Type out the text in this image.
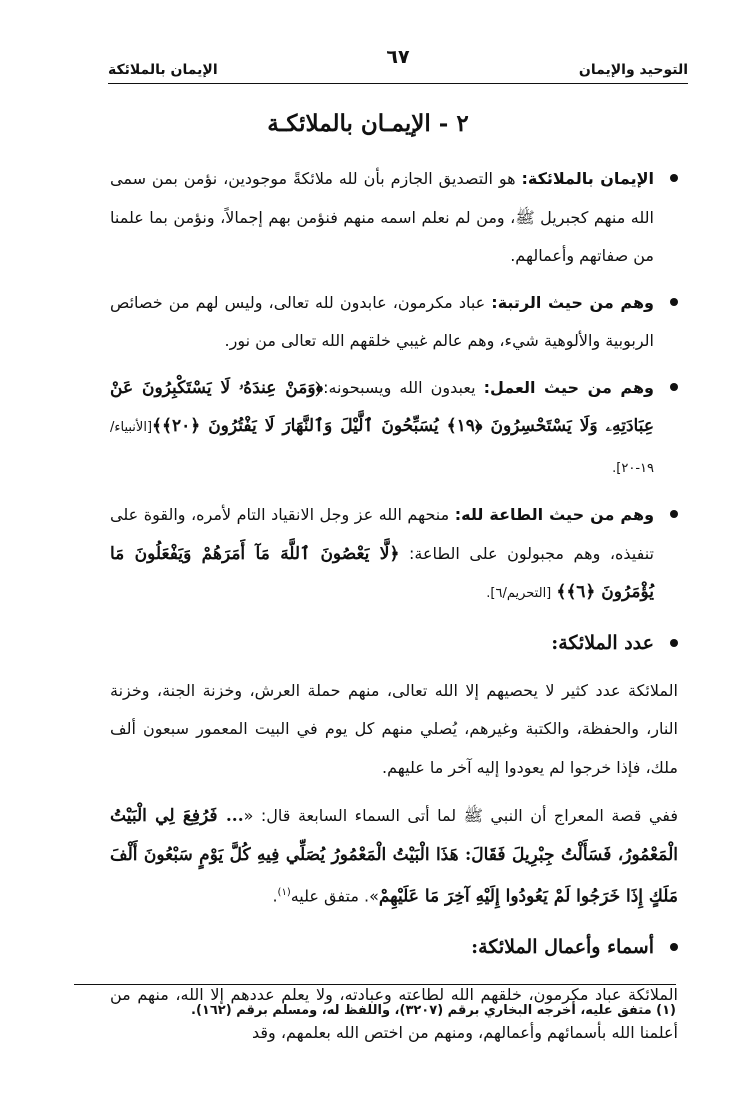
التوحيد والإيمان
٦٧
الإيمان بالملائكة
٢ - الإيمـان بالملائكـة

الإيمان بالملائكة: هو التصديق الجازم بأن لله ملائكةً موجودين، نؤمن بمن سمى الله منهم كجبريل ﷺ، ومن لم نعلم اسمه منهم فنؤمن بهم إجمالاً، ونؤمن بما علمنا من صفاتهم وأعمالهم.

وهم من حيث الرتبة: عباد مكرمون، عابدون لله تعالى، وليس لهم من خصائص الربوبية والألوهية شيء، وهم عالم غيبي خلقهم الله تعالى من نور.

وهم من حيث العمل: يعبدون الله ويسبحونه:﴿وَمَنْ عِندَهُۥ لَا يَسْتَكْبِرُونَ عَنْ عِبَادَتِهِۦ وَلَا يَسْتَحْسِرُونَ ﴿١٩﴾ يُسَبِّحُونَ ٱلَّيْلَ وَٱلنَّهَارَ لَا يَفْتُرُونَ ﴿٢٠﴾﴾[الأنبياء/١٩-٢٠].

وهم من حيث الطاعة لله: منحهم الله عز وجل الانقياد التام لأمره، والقوة على تنفيذه، وهم مجبولون على الطاعة: ﴿لَّا يَعْصُونَ ٱللَّهَ مَآ أَمَرَهُمْ وَيَفْعَلُونَ مَا يُؤْمَرُونَ ﴿٦﴾﴾ [التحريم/٦].

عدد الملائكة:

الملائكة عدد كثير لا يحصيهم إلا الله تعالى، منهم حملة العرش، وخزنة الجنة، وخزنة النار، والحفظة، والكتبة وغيرهم، يُصلي منهم كل يوم في البيت المعمور سبعون ألف ملك، فإذا خرجوا لم يعودوا إليه آخر ما عليهم.

ففي قصة المعراج أن النبي ﷺ لما أتى السماء السابعة قال: «... فَرُفِعَ لِي الْبَيْتُ الْمَعْمُورُ، فَسَأَلْتُ جِبْرِيلَ فَقَالَ: هَذَا الْبَيْتُ الْمَعْمُورُ يُصَلِّي فِيهِ كُلَّ يَوْمٍ سَبْعُونَ أَلْفَ مَلَكٍ إِذَا خَرَجُوا لَمْ يَعُودُوا إِلَيْهِ آخِرَ مَا عَلَيْهِمْ». متفق عليه$^{(١)}$.

أسماء وأعمال الملائكة:

الملائكة عباد مكرمون، خلقهم الله لطاعته وعبادته، ولا يعلم عددهم إلا الله، منهم من أعلمنا الله بأسمائهم وأعمالهم، ومنهم من اختص الله بعلمهم، وقد

(١) متفق عليه، أخرجه البخاري برقم (٣٢٠٧)، واللفظ له، ومسلم برقم (١٦٢).
